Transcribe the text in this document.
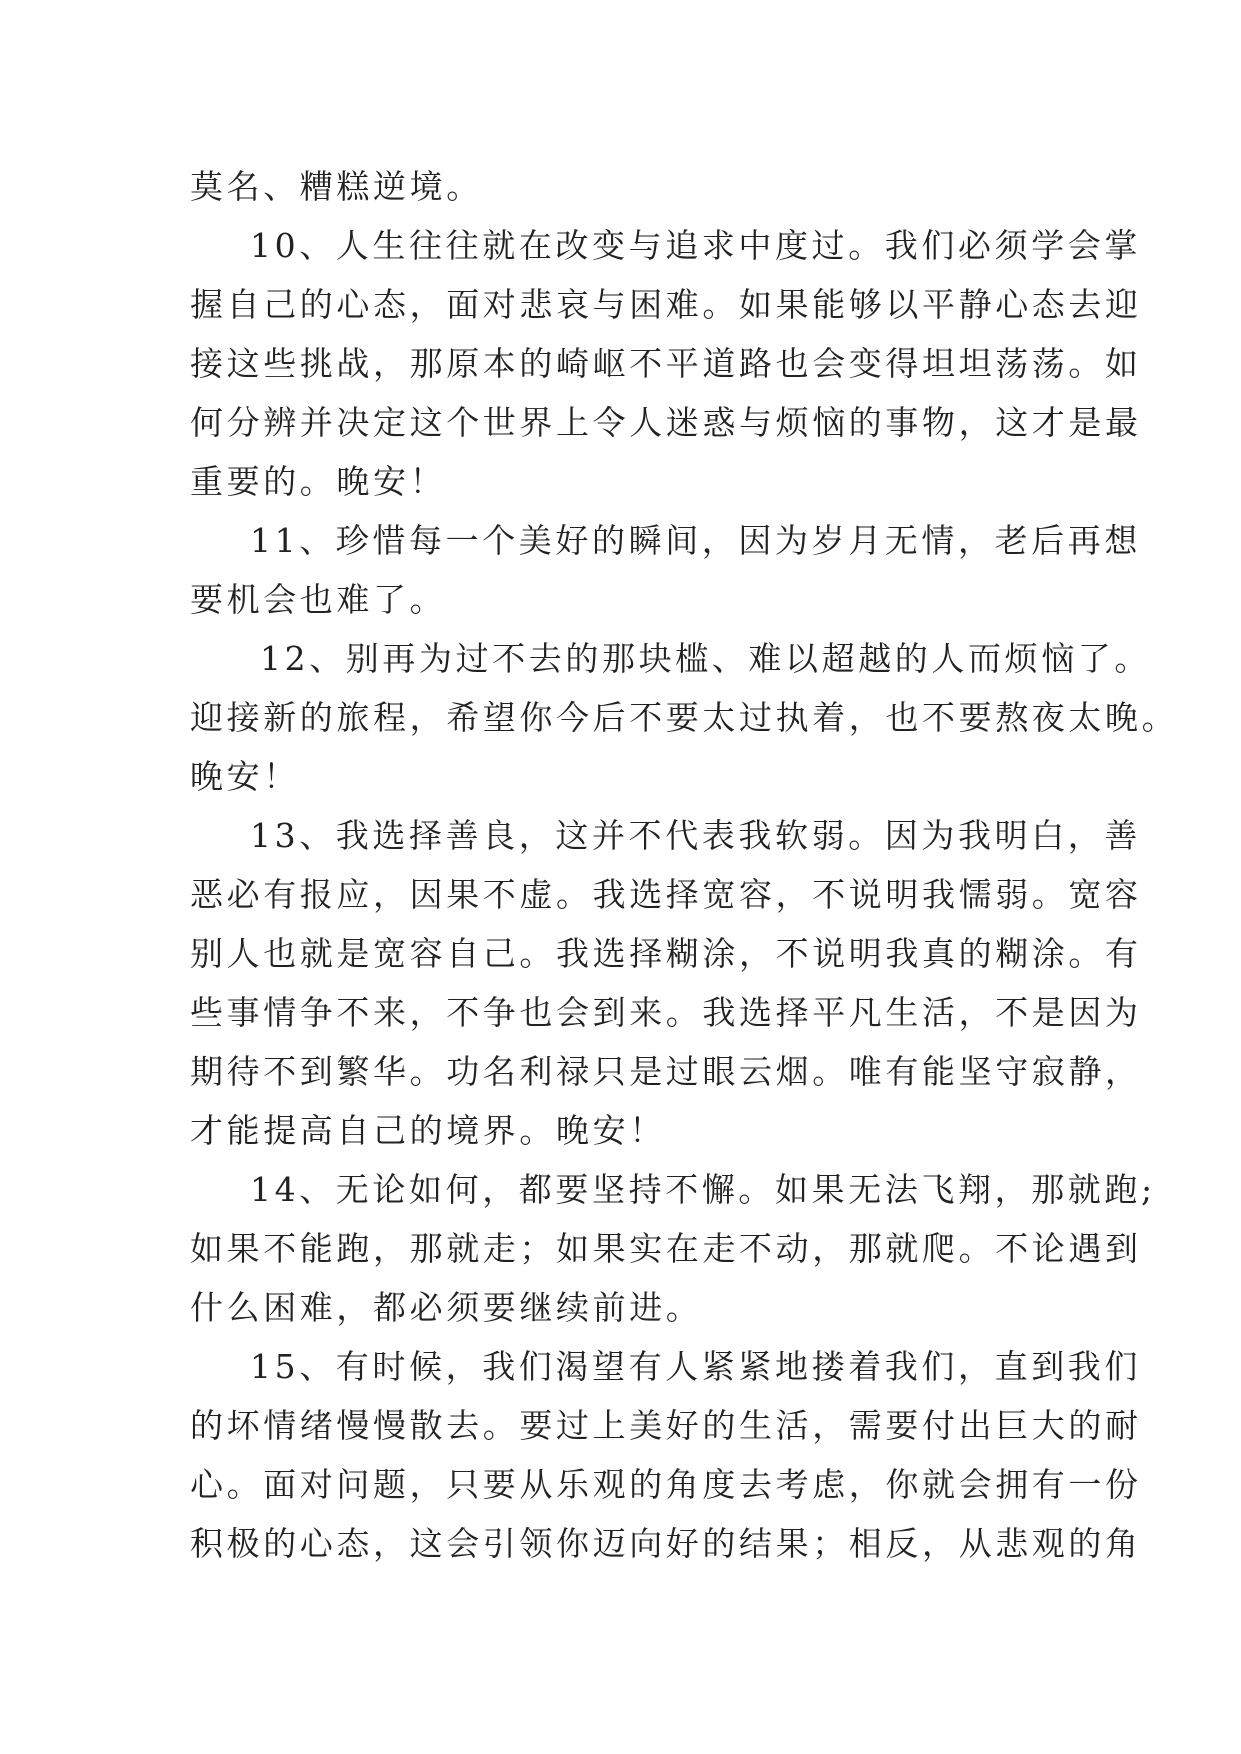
莫名、糟糕逆境。
10、人生往往就在改变与追求中度过。我们必须学会掌
握自己的心态，面对悲哀与困难。如果能够以平静心态去迎
接这些挑战，那原本的崎岖不平道路也会变得坦坦荡荡。如
何分辨并决定这个世界上令人迷惑与烦恼的事物，这才是最
重要的。晚安！
11、珍惜每一个美好的瞬间，因为岁月无情，老后再想
要机会也难了。
12、别再为过不去的那块槛、难以超越的人而烦恼了。
迎接新的旅程，希望你今后不要太过执着，也不要熬夜太晚。
晚安！
13、我选择善良，这并不代表我软弱。因为我明白，善
恶必有报应，因果不虚。我选择宽容，不说明我懦弱。宽容
别人也就是宽容自己。我选择糊涂，不说明我真的糊涂。有
些事情争不来，不争也会到来。我选择平凡生活，不是因为
期待不到繁华。功名利禄只是过眼云烟。唯有能坚守寂静，
才能提高自己的境界。晚安！
14、无论如何，都要坚持不懈。如果无法飞翔，那就跑;
如果不能跑，那就走；如果实在走不动，那就爬。不论遇到
什么困难，都必须要继续前进。
15、有时候，我们渴望有人紧紧地搂着我们，直到我们
的坏情绪慢慢散去。要过上美好的生活，需要付出巨大的耐
心。面对问题，只要从乐观的角度去考虑，你就会拥有一份
积极的心态，这会引领你迈向好的结果；相反，从悲观的角
